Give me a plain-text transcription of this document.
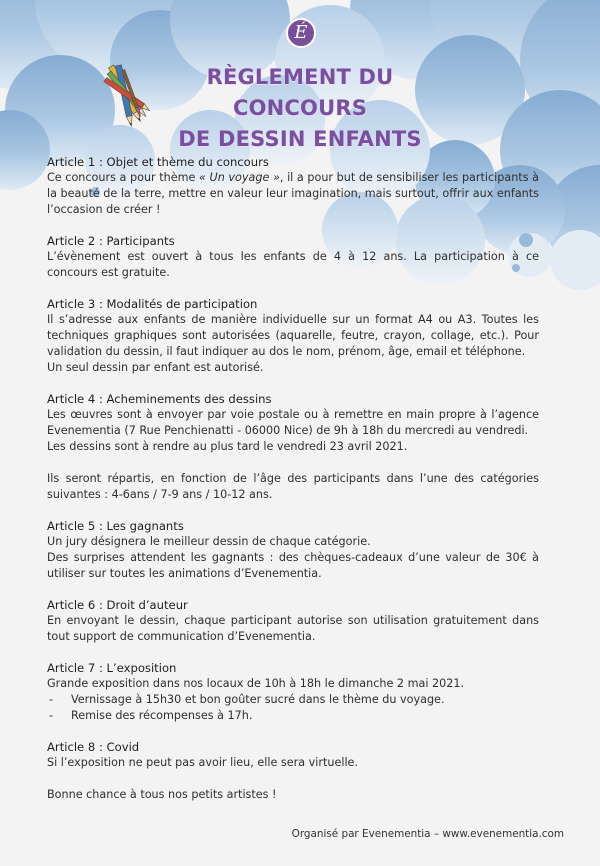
É
RÈGLEMENT DU CONCOURS
DE DESSIN ENFANTS
Article 1 : Objet et thème du concours

Ce concours a pour thème « Un voyage », il a pour but de sensibiliser les participants à la beauté de la terre, mettre en valeur leur imagination, mais surtout, offrir aux enfants l’occasion de créer !

Article 2 : Participants

L’évènement est ouvert à tous les enfants de 4 à 12 ans. La participation à ce concours est gratuite.

Article 3 : Modalités de participation

Il s’adresse aux enfants de manière individuelle sur un format A4 ou A3. Toutes les techniques graphiques sont autorisées (aquarelle, feutre, crayon, collage, etc.). Pour validation du dessin, il faut indiquer au dos le nom, prénom, âge, email et téléphone.

Un seul dessin par enfant est autorisé.

Article 4 : Acheminements des dessins

Les œuvres sont à envoyer par voie postale ou à remettre en main propre à l’agence Evenementia (7 Rue Penchienatti - 06000 Nice) de 9h à 18h du mercredi au vendredi.

Les dessins sont à rendre au plus tard le vendredi 23 avril 2021.

Ils seront répartis, en fonction de l’âge des participants dans l’une des catégories suivantes : 4-6ans / 7-9 ans / 10-12 ans.

Article 5 : Les gagnants

Un jury désignera le meilleur dessin de chaque catégorie.

Des surprises attendent les gagnants : des chèques-cadeaux d’une valeur de 30€ à utiliser sur toutes les animations d’Evenementia.

Article 6 : Droit d’auteur

En envoyant le dessin, chaque participant autorise son utilisation gratuitement dans tout support de communication d’Evenementia.

Article 7 : L’exposition

Grande exposition dans nos locaux de 10h à 18h le dimanche 2 mai 2021.

- Vernissage à 15h30 et bon goûter sucré dans le thème du voyage.
- Remise des récompenses à 17h.
Article 8 : Covid

Si l’exposition ne peut pas avoir lieu, elle sera virtuelle.

Bonne chance à tous nos petits artistes !

Organisé par Evenementia – www.evenementia.com
